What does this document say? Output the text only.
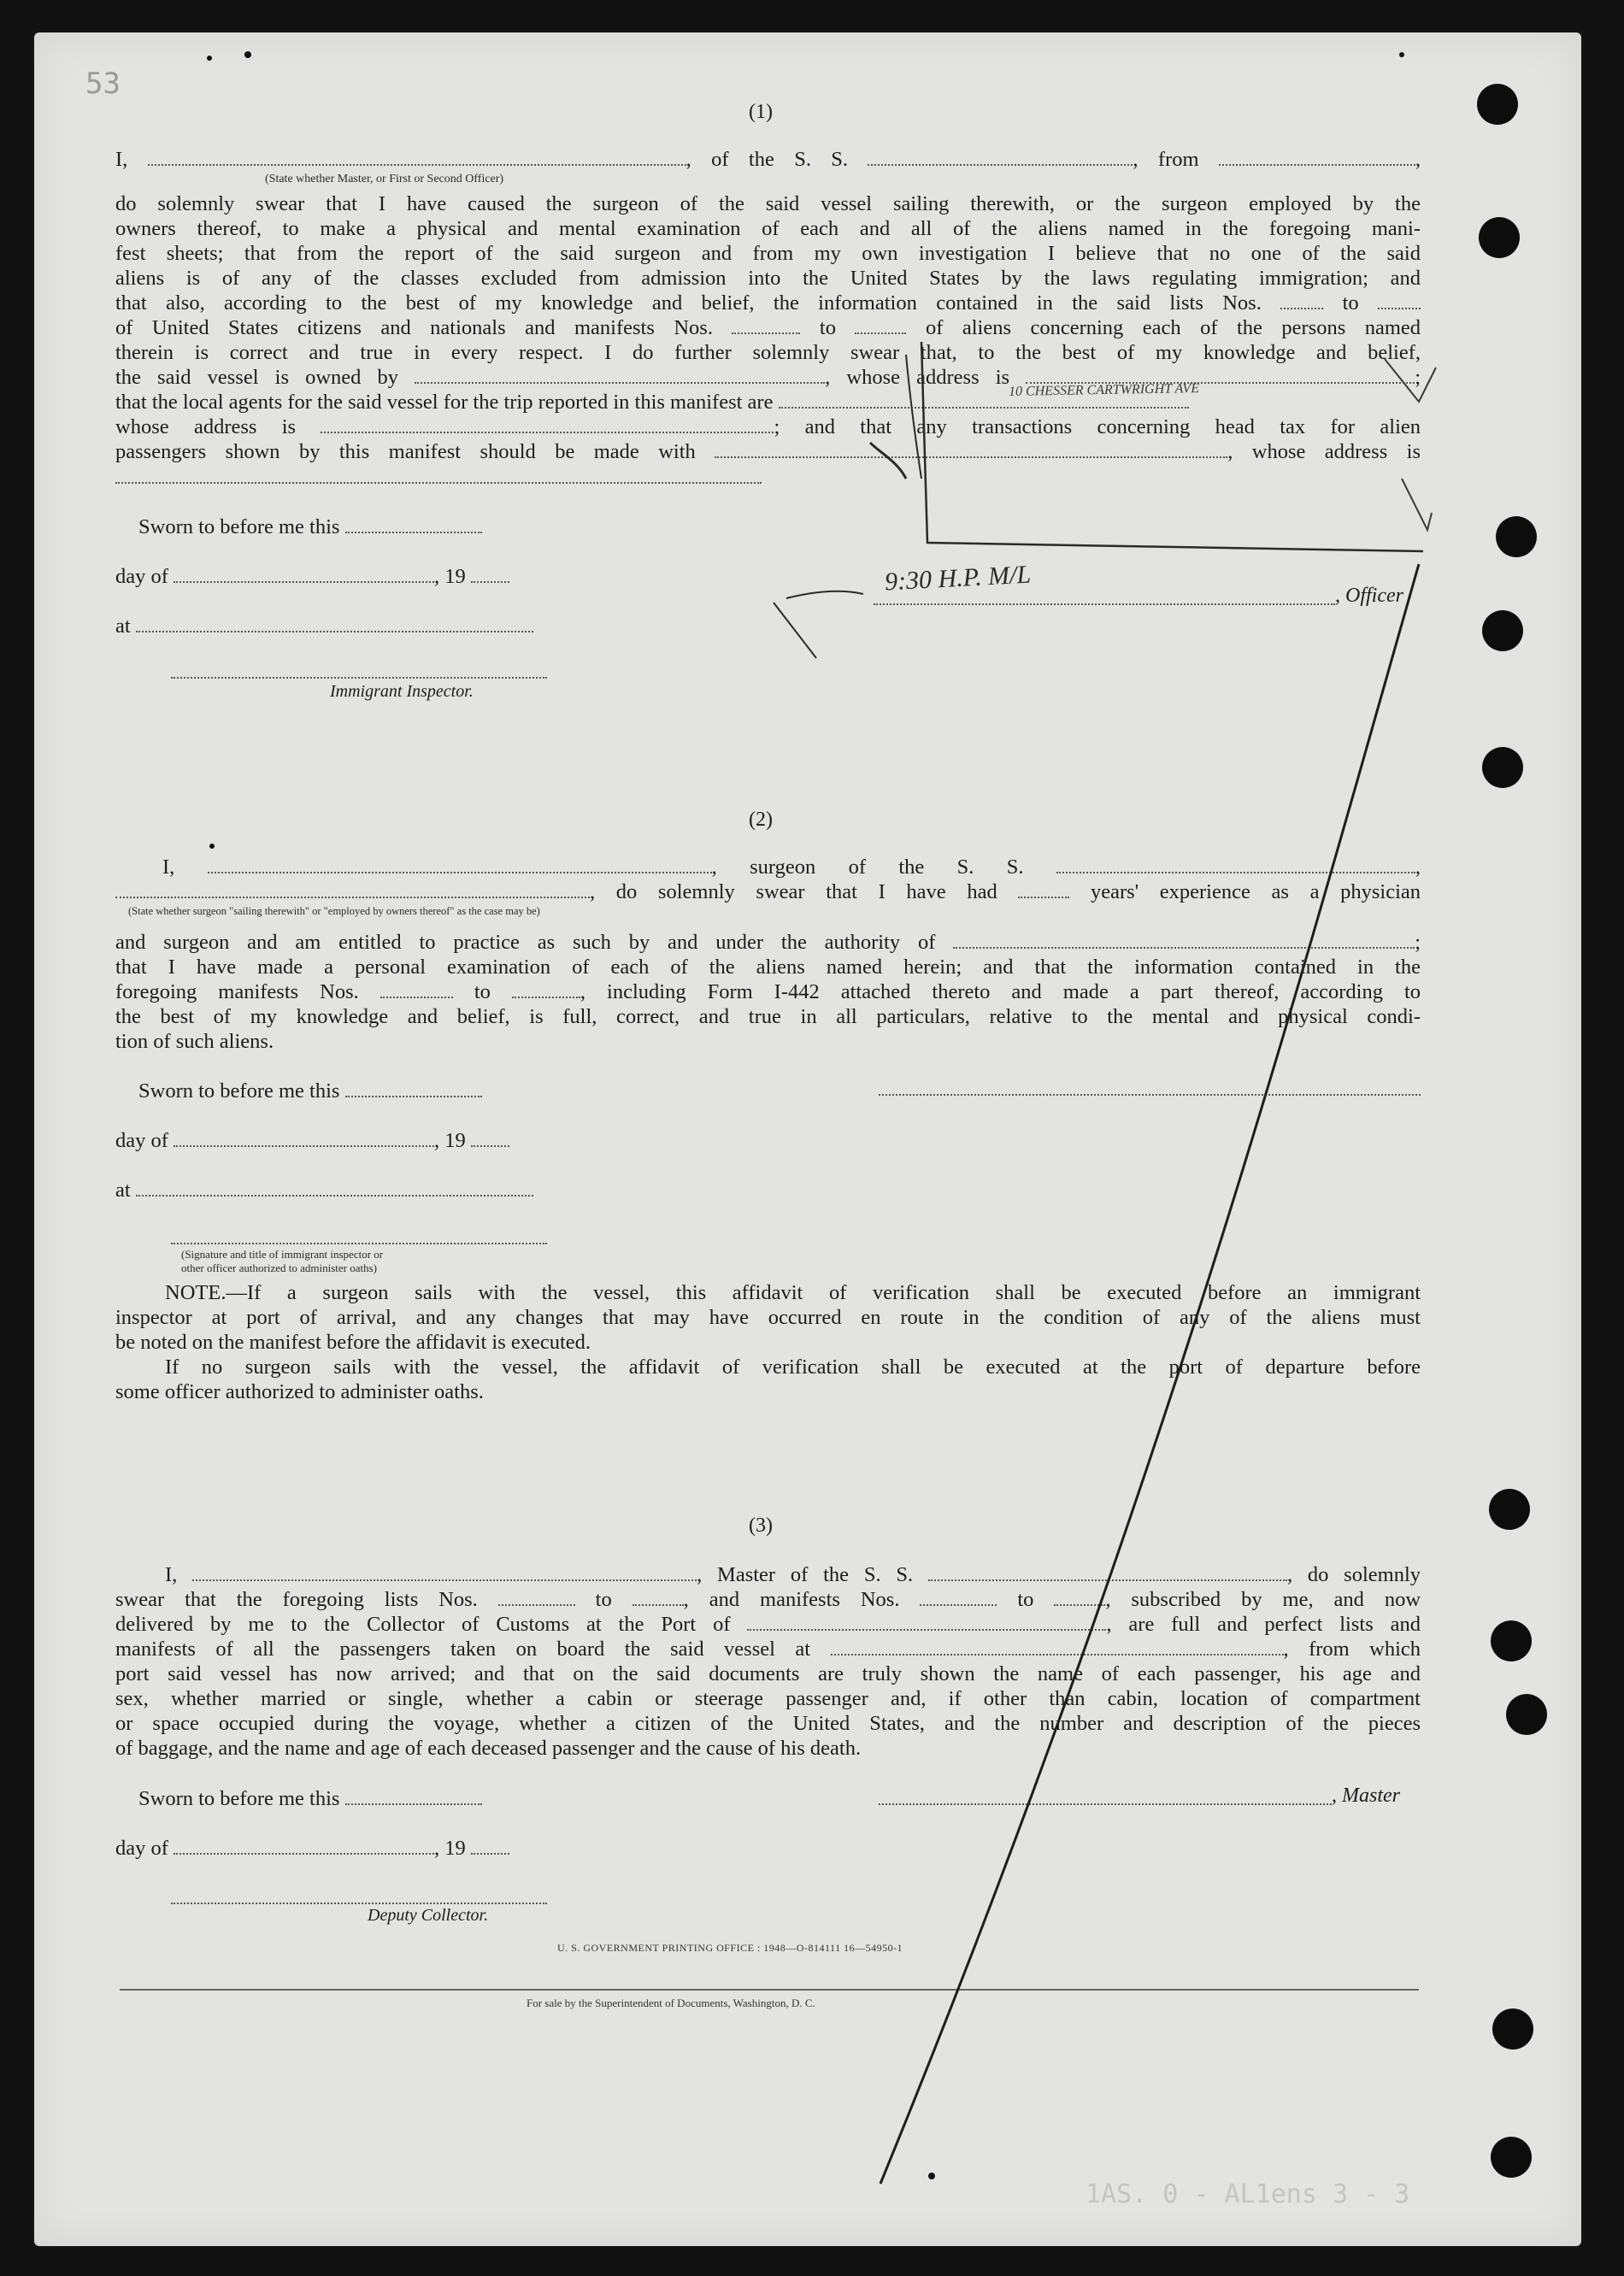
53
1AS. 0 - AL1ens 3 - 3
(1)
I,	, of the S. S.	, from	,
(State whether Master, or First or Second Officer)
do solemnly swear that I have caused the surgeon of the said vessel sailing therewith, or the surgeon employed by the
owners thereof, to make a physical and mental examination of each and all of the aliens named in the foregoing mani-
fest sheets; that from the report of the said surgeon and from my own investigation I believe that no one of the said
aliens is of any of the classes excluded from admission into the United States by the laws regulating immigration; and
that also, according to the best of my knowledge and belief, the information contained in the said lists Nos.	to
of United States citizens and nationals and manifests Nos.	to	of aliens concerning each of the persons named
therein is correct and true in every respect. I do further solemnly swear that, to the best of my knowledge and belief,
the said vessel is owned by	, whose address is	;
10 CHESSER CARTWRIGHT AVE
that the local agents for the said vessel for the trip reported in this manifest are
whose address is	; and that any transactions concerning head tax for alien
passengers shown by this manifest should be made with	, whose address is
Sworn to before me this
day of	, 19
at
Immigrant Inspector.
, Officer
9:30 H.P. M/L
(2)
I,	, surgeon of the S. S.	,
, do solemnly swear that I have had	years' experience as a physician
(State whether surgeon "sailing therewith" or "employed by owners thereof" as the case may be)
and surgeon and am entitled to practice as such by and under the authority of	;
that I have made a personal examination of each of the aliens named herein; and that the information contained in the
foregoing manifests Nos.	to	, including Form I-442 attached thereto and made a part thereof, according to
the best of my knowledge and belief, is full, correct, and true in all particulars, relative to the mental and physical condi-
tion of such aliens.
Sworn to before me this
day of	, 19
at
(Signature and title of immigrant inspector or
other officer authorized to administer oaths)
NOTE.—If a surgeon sails with the vessel, this affidavit of verification shall be executed before an immigrant
inspector at port of arrival, and any changes that may have occurred en route in the condition of any of the aliens must
be noted on the manifest before the affidavit is executed.
If no surgeon sails with the vessel, the affidavit of verification shall be executed at the port of departure before
some officer authorized to administer oaths.
(3)
I,	, Master of the S. S.	, do solemnly
swear that the foregoing lists Nos.	to	, and manifests Nos.	to	, subscribed by me, and now
delivered by me to the Collector of Customs at the Port of	, are full and perfect lists and
manifests of all the passengers taken on board the said vessel at	, from which
port said vessel has now arrived; and that on the said documents are truly shown the name of each passenger, his age and
sex, whether married or single, whether a cabin or steerage passenger and, if other than cabin, location of compartment
or space occupied during the voyage, whether a citizen of the United States, and the number and description of the pieces
of baggage, and the name and age of each deceased passenger and the cause of his death.
Sworn to before me this	, Master
day of	, 19
Deputy Collector.
U. S. GOVERNMENT PRINTING OFFICE : 1948—O-814111 16—54950-1
For sale by the Superintendent of Documents, Washington, D. C.
